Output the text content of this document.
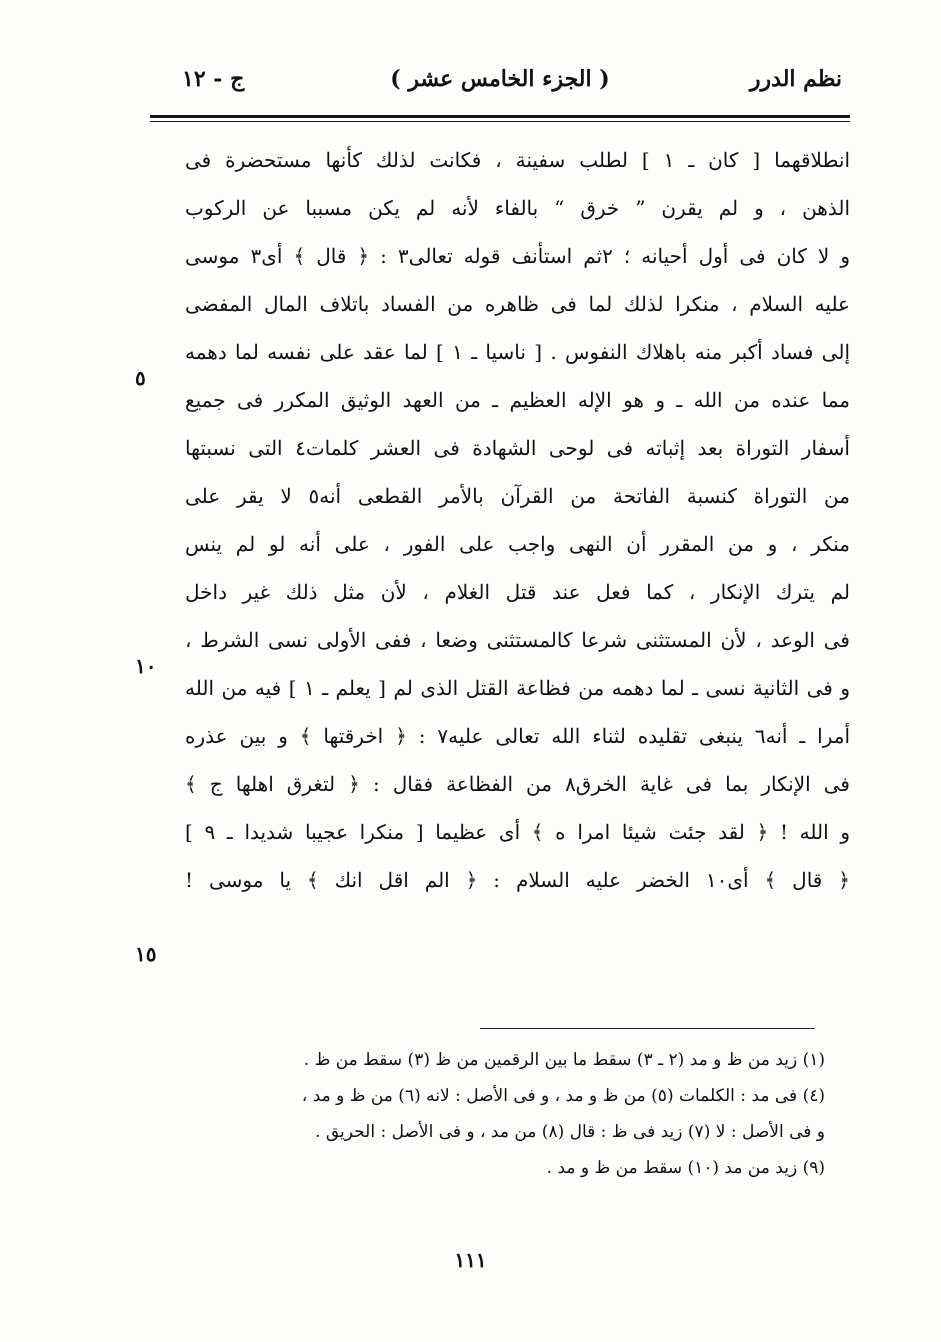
نظم الدرر
( الجزء الخامس عشر )
ج - ١٢
انطلاقهما [ كان ـ ١ ] لطلب سفينة ، فكانت لذلك كأنها مستحضرة فى
الذهن ، و لم يقرن ” خرق “ بالفاء لأنه لم يكن مسببا عن الركوب
و لا كان فى أول أحيانه ؛ ٢ثم استأنف قوله تعالى٣ : ﴿ قال ﴾ أى٣ موسى
عليه السلام ، منكرا لذلك لما فى ظاهره من الفساد باتلاف المال المفضى
إلى فساد أكبر منه باهلاك النفوس . [ ناسيا ـ ١ ] لما عقد على نفسه لما دهمه
مما عنده من الله ـ و هو الإله العظيم ـ من العهد الوثيق المكرر فى جميع
أسفار التوراة بعد إثباته فى لوحى الشهادة فى العشر كلمات٤ التى نسبتها
من التوراة كنسبة الفاتحة من القرآن بالأمر القطعى أنه٥ لا يقر على
منكر ، و من المقرر أن النهى واجب على الفور ، على أنه لو لم ينس
لم يترك الإنكار ، كما فعل عند قتل الغلام ، لأن مثل ذلك غير داخل
فى الوعد ، لأن المستثنى شرعا كالمستثنى وضعا ، ففى الأولى نسى الشرط ،
و فى الثانية نسى ـ لما دهمه من فظاعة القتل الذى لم [ يعلم ـ ١ ] فيه من الله
أمرا ـ أنه٦ ينبغى تقليده لثناء الله تعالى عليه٧ : ﴿ اخرقتها ﴾ و بين عذره
فى الإنكار بما فى غاية الخرق٨ من الفظاعة فقال : ﴿ لتغرق اهلها ج ﴾
و الله ! ﴿ لقد جئت شيئا امرا ه ﴾ أى عظيما [ منكرا عجيبا شديدا ـ ٩ ]
﴿ قال ﴾ أى١٠ الخضر عليه السلام : ﴿ الم اقل انك ﴾ يا موسى !
٥
١٠
١٥
(١) زيد من ظ و مد (٢ ـ ٣) سقط ما بين الرقمين من ظ (٣) سقط من ظ .
(٤) فى مد : الكلمات (٥) من ظ و مد ، و فى الأصل : لانه (٦) من ظ و مد ،
و فى الأصل : لا (٧) زيد فى ظ : قال (٨) من مد ، و فى الأصل : الحريق .
(٩) زيد من مد (١٠) سقط من ظ و مد .
١١١
